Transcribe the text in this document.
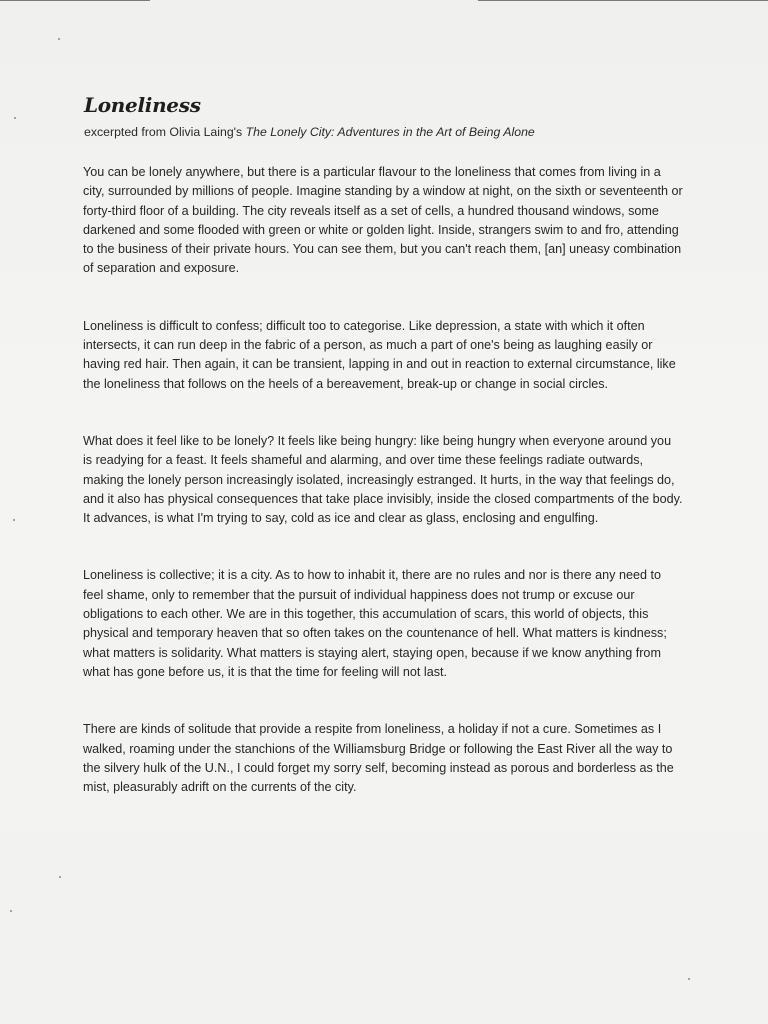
Loneliness

excerpted from Olivia Laing's The Lonely City: Adventures in the Art of Being Alone

You can be lonely anywhere, but there is a particular flavour to the loneliness that comes from living in a city, surrounded by millions of people. Imagine standing by a window at night, on the sixth or seventeenth or forty-third floor of a building. The city reveals itself as a set of cells, a hundred thousand windows, some darkened and some flooded with green or white or golden light. Inside, strangers swim to and fro, attending to the business of their private hours. You can see them, but you can't reach them, [an] uneasy combination of separation and exposure.

Loneliness is difficult to confess; difficult too to categorise. Like depression, a state with which it often intersects, it can run deep in the fabric of a person, as much a part of one's being as laughing easily or having red hair. Then again, it can be transient, lapping in and out in reaction to external circumstance, like the loneliness that follows on the heels of a bereavement, break-up or change in social circles.

What does it feel like to be lonely? It feels like being hungry: like being hungry when everyone around you is readying for a feast. It feels shameful and alarming, and over time these feelings radiate outwards, making the lonely person increasingly isolated, increasingly estranged. It hurts, in the way that feelings do, and it also has physical consequences that take place invisibly, inside the closed compartments of the body. It advances, is what I'm trying to say, cold as ice and clear as glass, enclosing and engulfing.

Loneliness is collective; it is a city. As to how to inhabit it, there are no rules and nor is there any need to feel shame, only to remember that the pursuit of individual happiness does not trump or excuse our obligations to each other. We are in this together, this accumulation of scars, this world of objects, this physical and temporary heaven that so often takes on the countenance of hell. What matters is kindness; what matters is solidarity. What matters is staying alert, staying open, because if we know anything from what has gone before us, it is that the time for feeling will not last.

There are kinds of solitude that provide a respite from loneliness, a holiday if not a cure. Sometimes as I walked, roaming under the stanchions of the Williamsburg Bridge or following the East River all the way to the silvery hulk of the U.N., I could forget my sorry self, becoming instead as porous and borderless as the mist, pleasurably adrift on the currents of the city.
